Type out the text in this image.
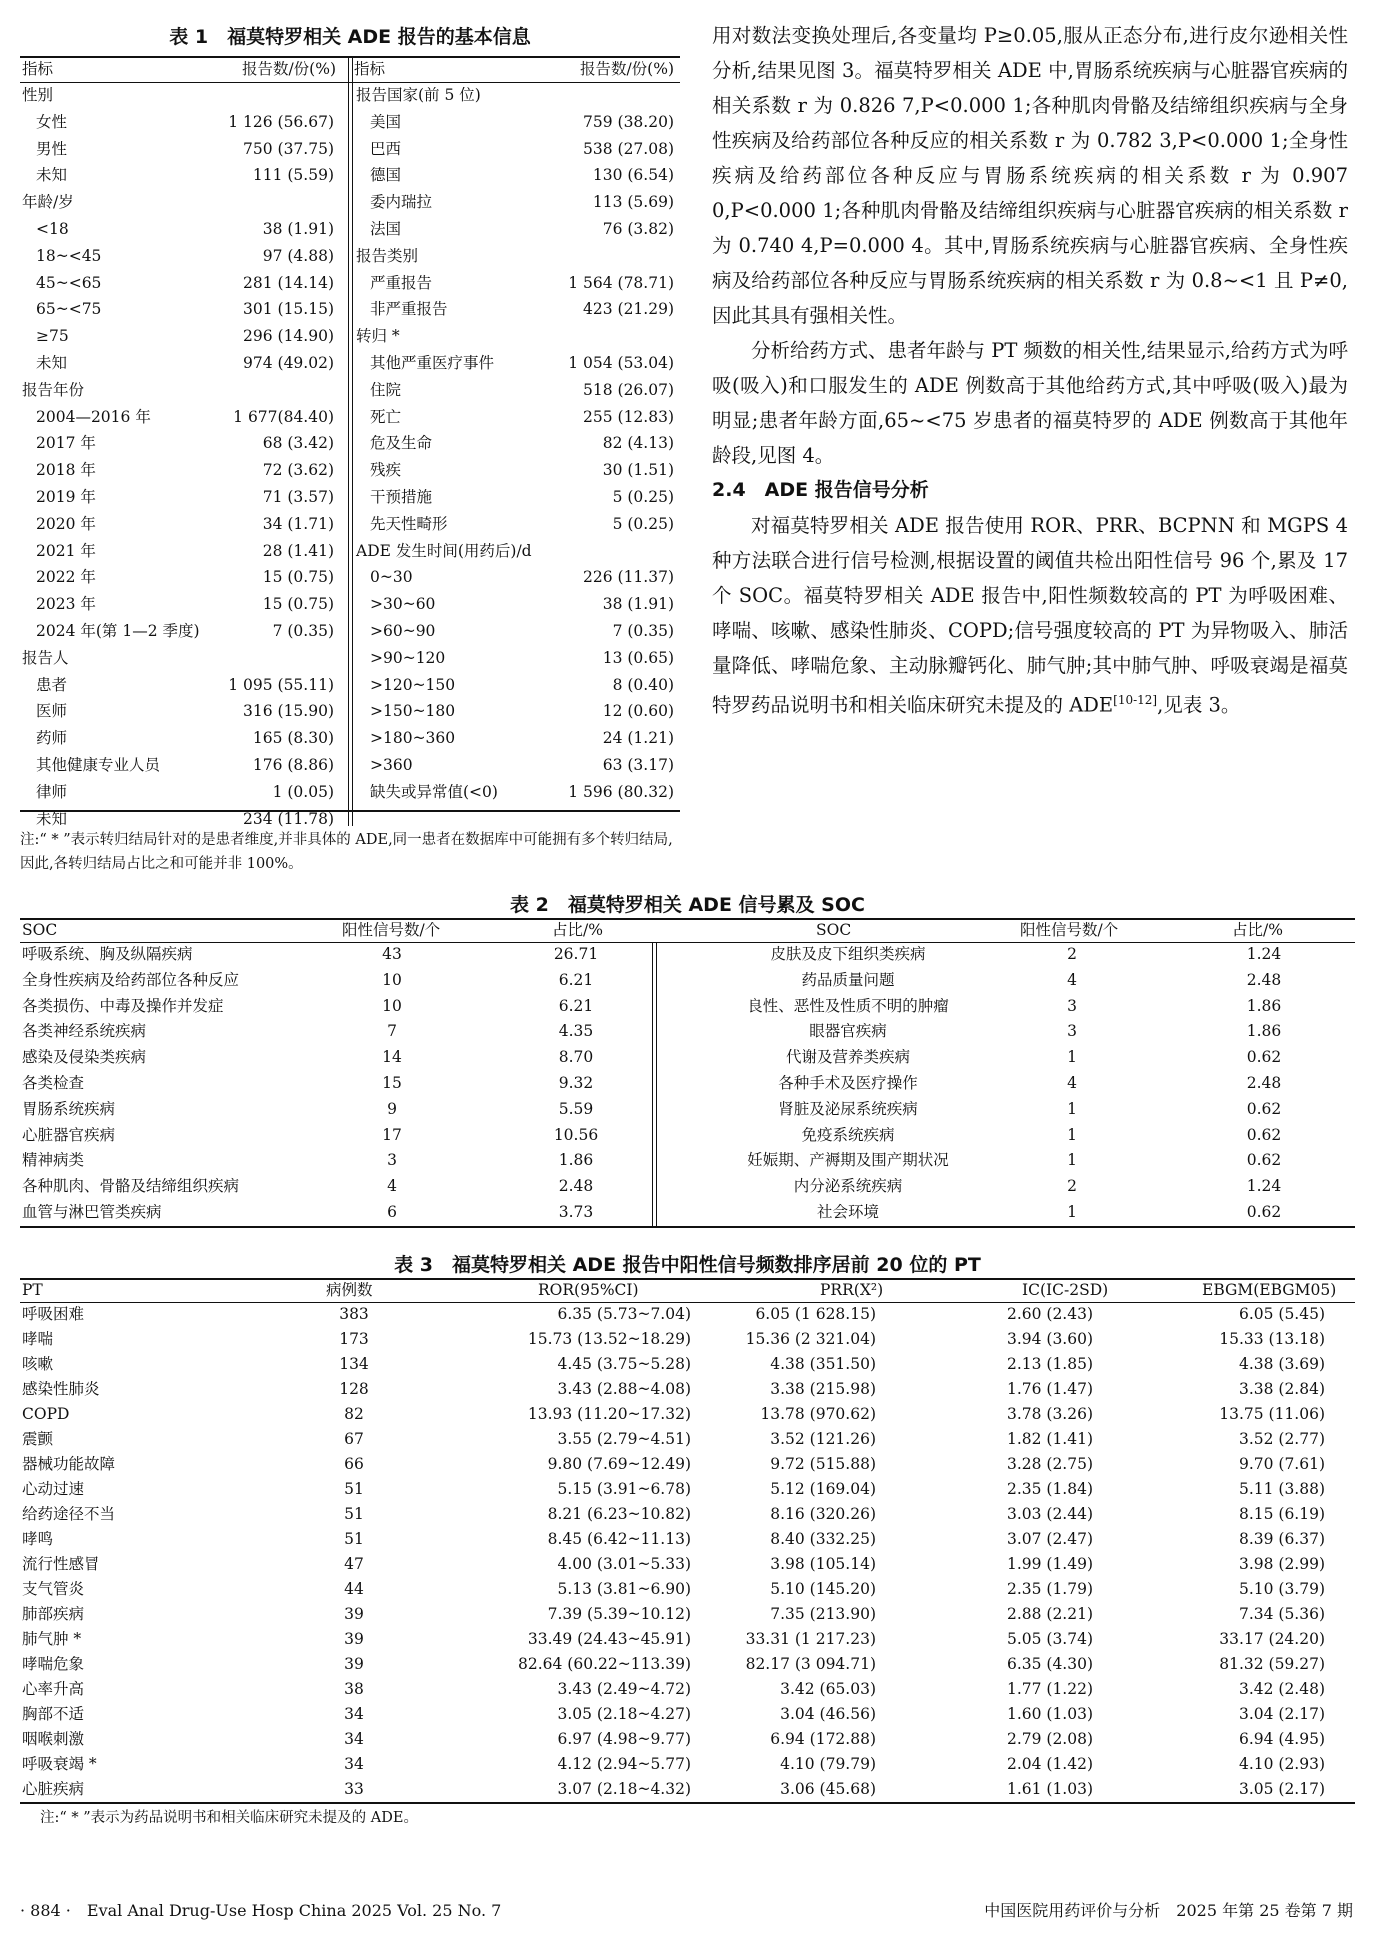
表 1　福莫特罗相关 ADE 报告的基本信息
指标	报告数/份(%) 指标	报告数/份(%)
性别
女性	1 126 (56.67)
男性	750 (37.75)
未知	111 (5.59)
年龄/岁
<18	38 (1.91)
18~<45	97 (4.88)
45~<65	281 (14.14)
65~<75	301 (15.15)
≥75	296 (14.90)
未知	974 (49.02)
报告年份
2004—2016 年	1 677(84.40)
2017 年	68 (3.42)
2018 年	72 (3.62)
2019 年	71 (3.57)
2020 年	34 (1.71)
2021 年	28 (1.41)
2022 年	15 (0.75)
2023 年	15 (0.75)
2024 年(第 1—2 季度)	7 (0.35)
报告人
患者	1 095 (55.11)
医师	316 (15.90)
药师	165 (8.30)
其他健康专业人员	176 (8.86)
律师	1 (0.05)
未知	234 (11.78)
报告国家(前 5 位)
美国	759 (38.20)
巴西	538 (27.08)
德国	130 (6.54)
委内瑞拉	113 (5.69)
法国	76 (3.82)
报告类别
严重报告	1 564 (78.71)
非严重报告	423 (21.29)
转归 *
其他严重医疗事件	1 054 (53.04)
住院	518 (26.07)
死亡	255 (12.83)
危及生命	82 (4.13)
残疾	30 (1.51)
干预措施	5 (0.25)
先天性畸形	5 (0.25)
ADE 发生时间(用药后)/d
0~30	226 (11.37)
>30~60	38 (1.91)
>60~90	7 (0.35)
>90~120	13 (0.65)
>120~150	8 (0.40)
>150~180	12 (0.60)
>180~360	24 (1.21)
>360	63 (3.17)
缺失或异常值(<0)	1 596 (80.32)
注:“ * ”表示转归结局针对的是患者维度,并非具体的 ADE,同一患者在数据库中可能拥有多个转归结局,因此,各转归结局占比之和可能并非 100%。

用对数法变换处理后,各变量均 P≥0.05,服从正态分布,进行皮尔逊相关性分析,结果见图 3。福莫特罗相关 ADE 中,胃肠系统疾病与心脏器官疾病的相关系数 r 为 0.826 7,P<0.000 1;各种肌肉骨骼及结缔组织疾病与全身性疾病及给药部位各种反应的相关系数 r 为 0.782 3,P<0.000 1;全身性疾病及给药部位各种反应与胃肠系统疾病的相关系数 r 为 0.907 0,P<0.000 1;各种肌肉骨骼及结缔组织疾病与心脏器官疾病的相关系数 r 为 0.740 4,P=0.000 4。其中,胃肠系统疾病与心脏器官疾病、全身性疾病及给药部位各种反应与胃肠系统疾病的相关系数 r 为 0.8~<1 且 P≠0,因此其具有强相关性。

分析给药方式、患者年龄与 PT 频数的相关性,结果显示,给药方式为呼吸(吸入)和口服发生的 ADE 例数高于其他给药方式,其中呼吸(吸入)最为明显;患者年龄方面,65~<75 岁患者的福莫特罗的 ADE 例数高于其他年龄段,见图 4。

2.4　ADE 报告信号分析

对福莫特罗相关 ADE 报告使用 ROR、PRR、BCPNN 和 MGPS 4 种方法联合进行信号检测,根据设置的阈值共检出阳性信号 96 个,累及 17 个 SOC。福莫特罗相关 ADE 报告中,阳性频数较高的 PT 为呼吸困难、哮喘、咳嗽、感染性肺炎、COPD;信号强度较高的 PT 为异物吸入、肺活量降低、哮喘危象、主动脉瓣钙化、肺气肿;其中肺气肿、呼吸衰竭是福莫特罗药品说明书和相关临床研究未提及的 ADE[10-12],见表 3。

表 2　福莫特罗相关 ADE 信号累及 SOC
SOC	阳性信号数/个	占比/%	SOC	阳性信号数/个	占比/%
呼吸系统、胸及纵隔疾病	43	26.71	皮肤及皮下组织类疾病	2	1.24
全身性疾病及给药部位各种反应	10	6.21	药品质量问题	4	2.48
各类损伤、中毒及操作并发症	10	6.21	良性、恶性及性质不明的肿瘤	3	1.86
各类神经系统疾病	7	4.35	眼器官疾病	3	1.86
感染及侵染类疾病	14	8.70	代谢及营养类疾病	1	0.62
各类检查	15	9.32	各种手术及医疗操作	4	2.48
胃肠系统疾病	9	5.59	肾脏及泌尿系统疾病	1	0.62
心脏器官疾病	17	10.56	免疫系统疾病	1	0.62
精神病类	3	1.86	妊娠期、产褥期及围产期状况	1	0.62
各种肌肉、骨骼及结缔组织疾病	4	2.48	内分泌系统疾病	2	1.24
血管与淋巴管类疾病	6	3.73	社会环境	1	0.62
表 3　福莫特罗相关 ADE 报告中阳性信号频数排序居前 20 位的 PT
PT	病例数	ROR(95%CI)	PRR(X²)	IC(IC-2SD)	EBGM(EBGM05)
呼吸困难	383	6.35 (5.73~7.04)	6.05 (1 628.15)	2.60 (2.43)	6.05 (5.45)
哮喘	173	15.73 (13.52~18.29)	15.36 (2 321.04)	3.94 (3.60)	15.33 (13.18)
咳嗽	134	4.45 (3.75~5.28)	4.38 (351.50)	2.13 (1.85)	4.38 (3.69)
感染性肺炎	128	3.43 (2.88~4.08)	3.38 (215.98)	1.76 (1.47)	3.38 (2.84)
COPD	82	13.93 (11.20~17.32)	13.78 (970.62)	3.78 (3.26)	13.75 (11.06)
震颤	67	3.55 (2.79~4.51)	3.52 (121.26)	1.82 (1.41)	3.52 (2.77)
器械功能故障	66	9.80 (7.69~12.49)	9.72 (515.88)	3.28 (2.75)	9.70 (7.61)
心动过速	51	5.15 (3.91~6.78)	5.12 (169.04)	2.35 (1.84)	5.11 (3.88)
给药途径不当	51	8.21 (6.23~10.82)	8.16 (320.26)	3.03 (2.44)	8.15 (6.19)
哮鸣	51	8.45 (6.42~11.13)	8.40 (332.25)	3.07 (2.47)	8.39 (6.37)
流行性感冒	47	4.00 (3.01~5.33)	3.98 (105.14)	1.99 (1.49)	3.98 (2.99)
支气管炎	44	5.13 (3.81~6.90)	5.10 (145.20)	2.35 (1.79)	5.10 (3.79)
肺部疾病	39	7.39 (5.39~10.12)	7.35 (213.90)	2.88 (2.21)	7.34 (5.36)
肺气肿 *	39	33.49 (24.43~45.91)	33.31 (1 217.23)	5.05 (3.74)	33.17 (24.20)
哮喘危象	39	82.64 (60.22~113.39)	82.17 (3 094.71)	6.35 (4.30)	81.32 (59.27)
心率升高	38	3.43 (2.49~4.72)	3.42 (65.03)	1.77 (1.22)	3.42 (2.48)
胸部不适	34	3.05 (2.18~4.27)	3.04 (46.56)	1.60 (1.03)	3.04 (2.17)
咽喉刺激	34	6.97 (4.98~9.77)	6.94 (172.88)	2.79 (2.08)	6.94 (4.95)
呼吸衰竭 *	34	4.12 (2.94~5.77)	4.10 (79.79)	2.04 (1.42)	4.10 (2.93)
心脏疾病	33	3.07 (2.18~4.32)	3.06 (45.68)	1.61 (1.03)	3.05 (2.17)
注:“ * ”表示为药品说明书和相关临床研究未提及的 ADE。
· 884 ·　Eval Anal Drug-Use Hosp China 2025 Vol. 25 No. 7	中国医院用药评价与分析　2025 年第 25 卷第 7 期
